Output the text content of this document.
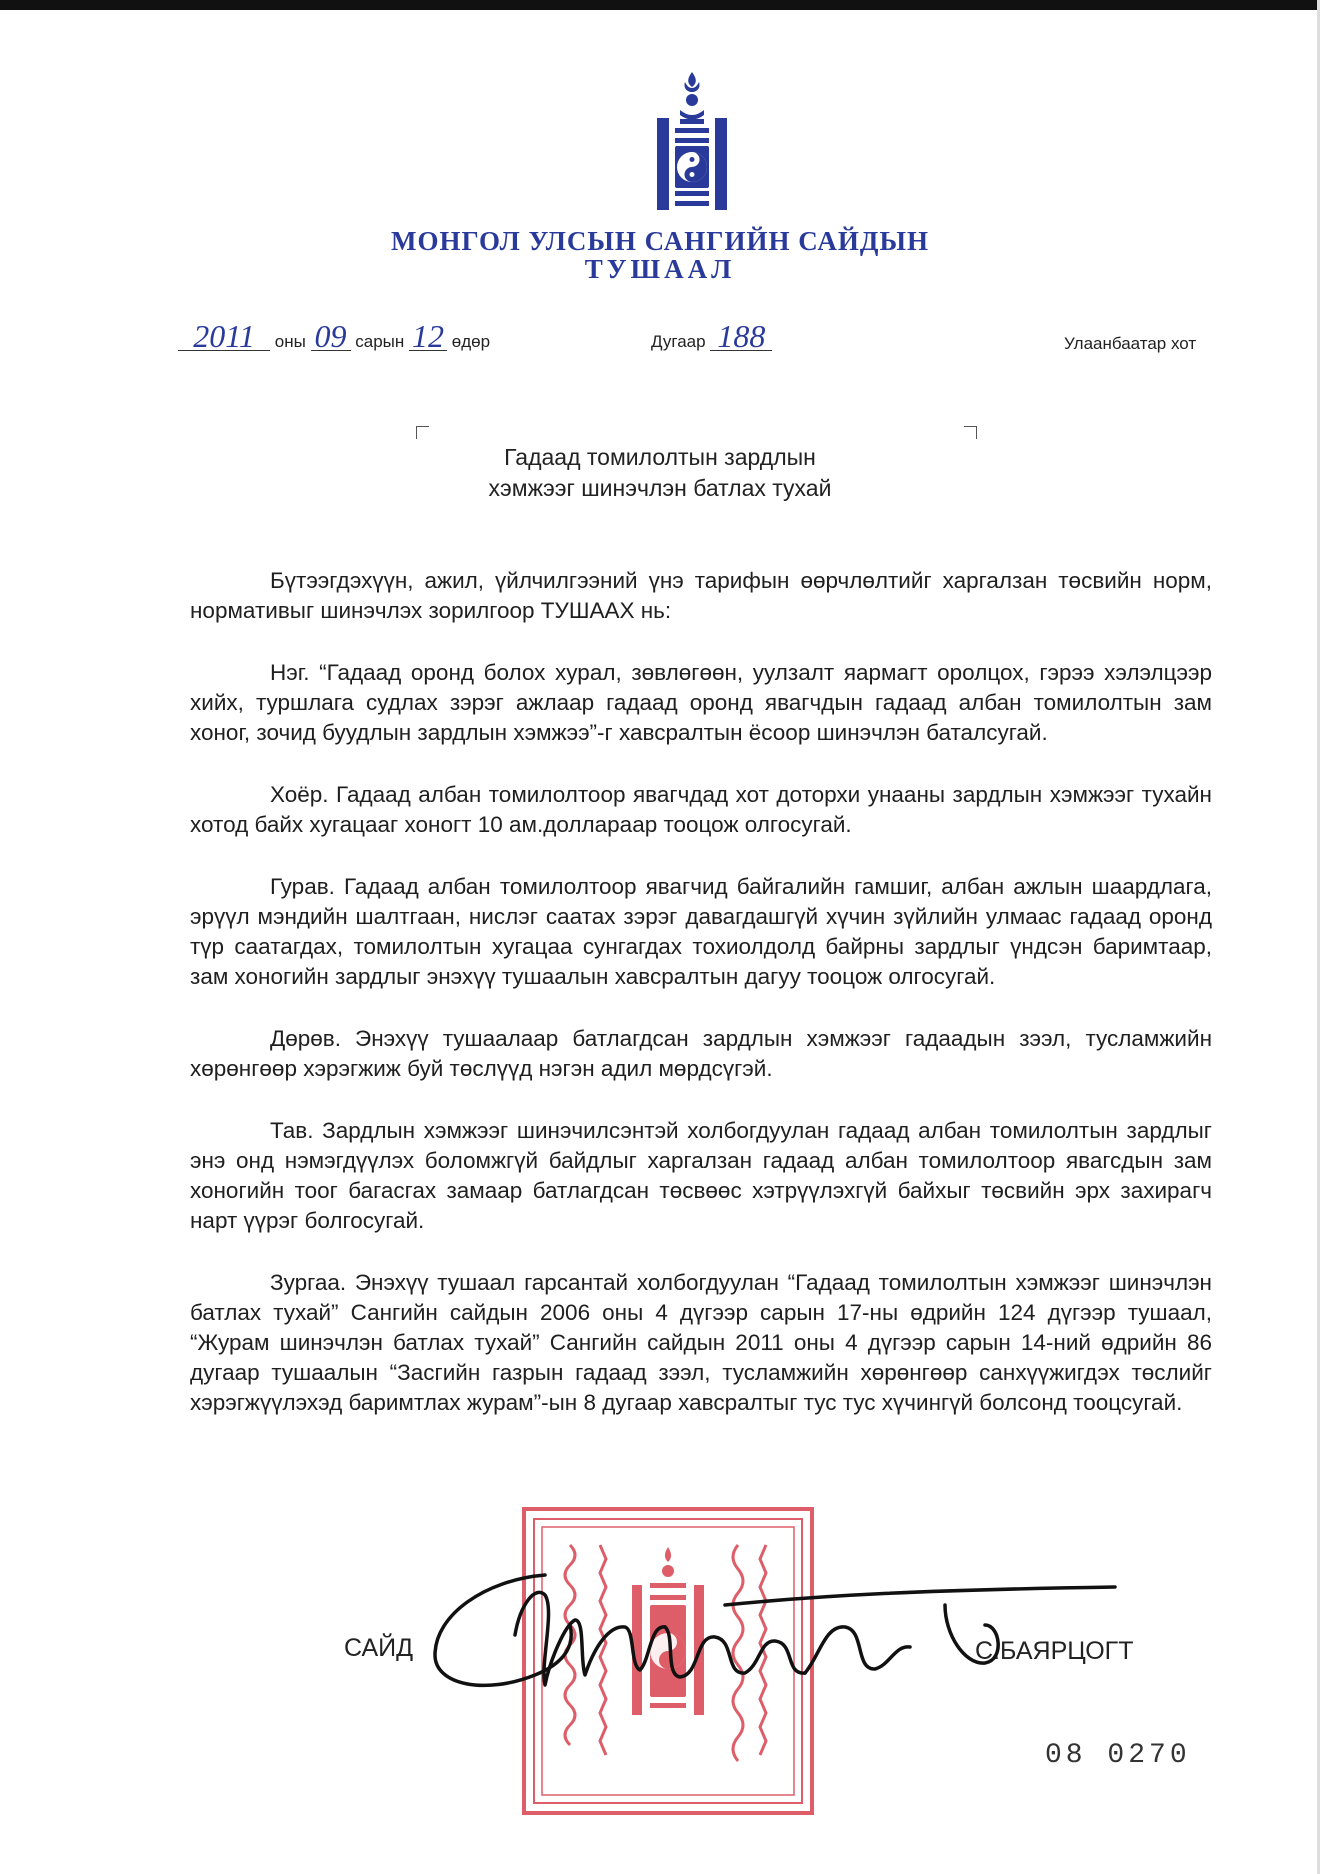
МОНГОЛ УЛСЫН САНГИЙН САЙДЫН
ТУШААЛ
2011 оны 09 сарын 12 өдөр	Дугаар 188	Улаанбаатар хот
Гадаад томилолтын зардлын
хэмжээг шинэчлэн батлах тухай

Бүтээгдэхүүн, ажил, үйлчилгээний үнэ тарифын өөрчлөлтийг харгалзан төсвийн норм, нормативыг шинэчлэх зорилгоор ТУШААХ нь:

Нэг. “Гадаад оронд болох хурал, зөвлөгөөн, уулзалт яармагт оролцох, гэрээ хэлэлцээр хийх, туршлага судлах зэрэг ажлаар гадаад оронд явагчдын гадаад албан томилолтын зам хоног, зочид буудлын зардлын хэмжээ”-г хавсралтын ёсоор шинэчлэн баталсугай.

Хоёр. Гадаад албан томилолтоор явагчдад хот доторхи унааны зардлын хэмжээг тухайн хотод байх хугацааг хоногт 10 ам.доллараар тооцож олгосугай.

Гурав. Гадаад албан томилолтоор явагчид байгалийн гамшиг, албан ажлын шаардлага, эрүүл мэндийн шалтгаан, нислэг саатах зэрэг давагдашгүй хүчин зүйлийн улмаас гадаад оронд түр саатагдах, томилолтын хугацаа сунгагдах тохиолдолд байрны зардлыг үндсэн баримтаар, зам хоногийн зардлыг энэхүү тушаалын хавсралтын дагуу тооцож олгосугай.

Дөрөв. Энэхүү тушаалаар батлагдсан зардлын хэмжээг гадаадын зээл, тусламжийн хөрөнгөөр хэрэгжиж буй төслүүд нэгэн адил мөрдсүгэй.

Тав. Зардлын хэмжээг шинэчилсэнтэй холбогдуулан гадаад албан томилолтын зардлыг энэ онд нэмэгдүүлэх боломжгүй байдлыг харгалзан гадаад албан томилолтоор явагсдын зам хоногийн тоог багасгах замаар батлагдсан төсвөөс хэтрүүлэхгүй байхыг төсвийн эрх захирагч нарт үүрэг болгосугай.

Зургаа. Энэхүү тушаал гарсантай холбогдуулан “Гадаад томилолтын хэмжээг шинэчлэн батлах тухай” Сангийн сайдын 2006 оны 4 дүгээр сарын 17-ны өдрийн 124 дүгээр тушаал, “Журам шинэчлэн батлах тухай” Сангийн сайдын 2011 оны 4 дүгээр сарын 14-ний өдрийн 86 дугаар тушаалын “Засгийн газрын гадаад зээл, тусламжийн хөрөнгөөр санхүүжигдэх төслийг хэрэгжүүлэхэд баримтлах журам”-ын 8 дугаар хавсралтыг тус тус хүчингүй болсонд тооцсугай.

САЙД	С.БАЯРЦОГТ
08 0270
